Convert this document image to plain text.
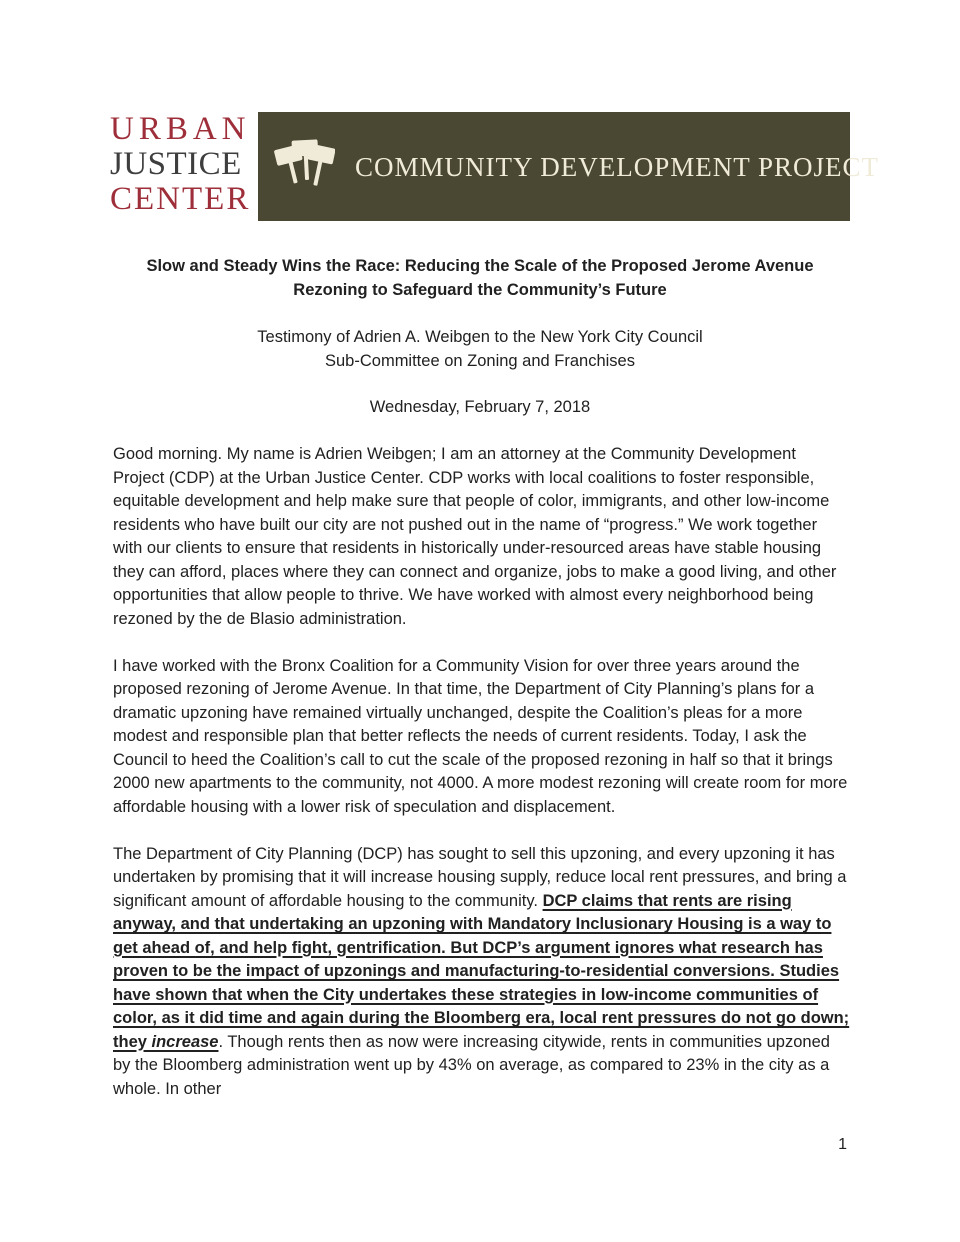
URBAN
JUSTICE
CENTER
COMMUNITY DEVELOPMENT PROJECT
Slow and Steady Wins the Race: Reducing the Scale of the Proposed Jerome Avenue
Rezoning to Safeguard the Community’s Future
Testimony of Adrien A. Weibgen to the New York City Council
Sub-Committee on Zoning and Franchises
Wednesday, February 7, 2018

Good morning. My name is Adrien Weibgen; I am an attorney at the Community Development Project (CDP) at the Urban Justice Center. CDP works with local coalitions to foster responsible, equitable development and help make sure that people of color, immigrants, and other low-income residents who have built our city are not pushed out in the name of “progress.” We work together with our clients to ensure that residents in historically under-resourced areas have stable housing they can afford, places where they can connect and organize, jobs to make a good living, and other opportunities that allow people to thrive. We have worked with almost every neighborhood being rezoned by the de Blasio administration.

I have worked with the Bronx Coalition for a Community Vision for over three years around the proposed rezoning of Jerome Avenue. In that time, the Department of City Planning’s plans for a dramatic upzoning have remained virtually unchanged, despite the Coalition’s pleas for a more modest and responsible plan that better reflects the needs of current residents. Today, I ask the Council to heed the Coalition’s call to cut the scale of the proposed rezoning in half so that it brings 2000 new apartments to the community, not 4000. A more modest rezoning will create room for more affordable housing with a lower risk of speculation and displacement.

The Department of City Planning (DCP) has sought to sell this upzoning, and every upzoning it has undertaken by promising that it will increase housing supply, reduce local rent pressures, and bring a significant amount of affordable housing to the community. DCP claims that rents are rising anyway, and that undertaking an upzoning with Mandatory Inclusionary Housing is a way to get ahead of, and help fight, gentrification. But DCP’s argument ignores what research has proven to be the impact of upzonings and manufacturing-to-residential conversions. Studies have shown that when the City undertakes these strategies in low-income communities of color, as it did time and again during the Bloomberg era, local rent pressures do not go down; they increase. Though rents then as now were increasing citywide, rents in communities upzoned by the Bloomberg administration went up by 43% on average, as compared to 23% in the city as a whole. In other

1
